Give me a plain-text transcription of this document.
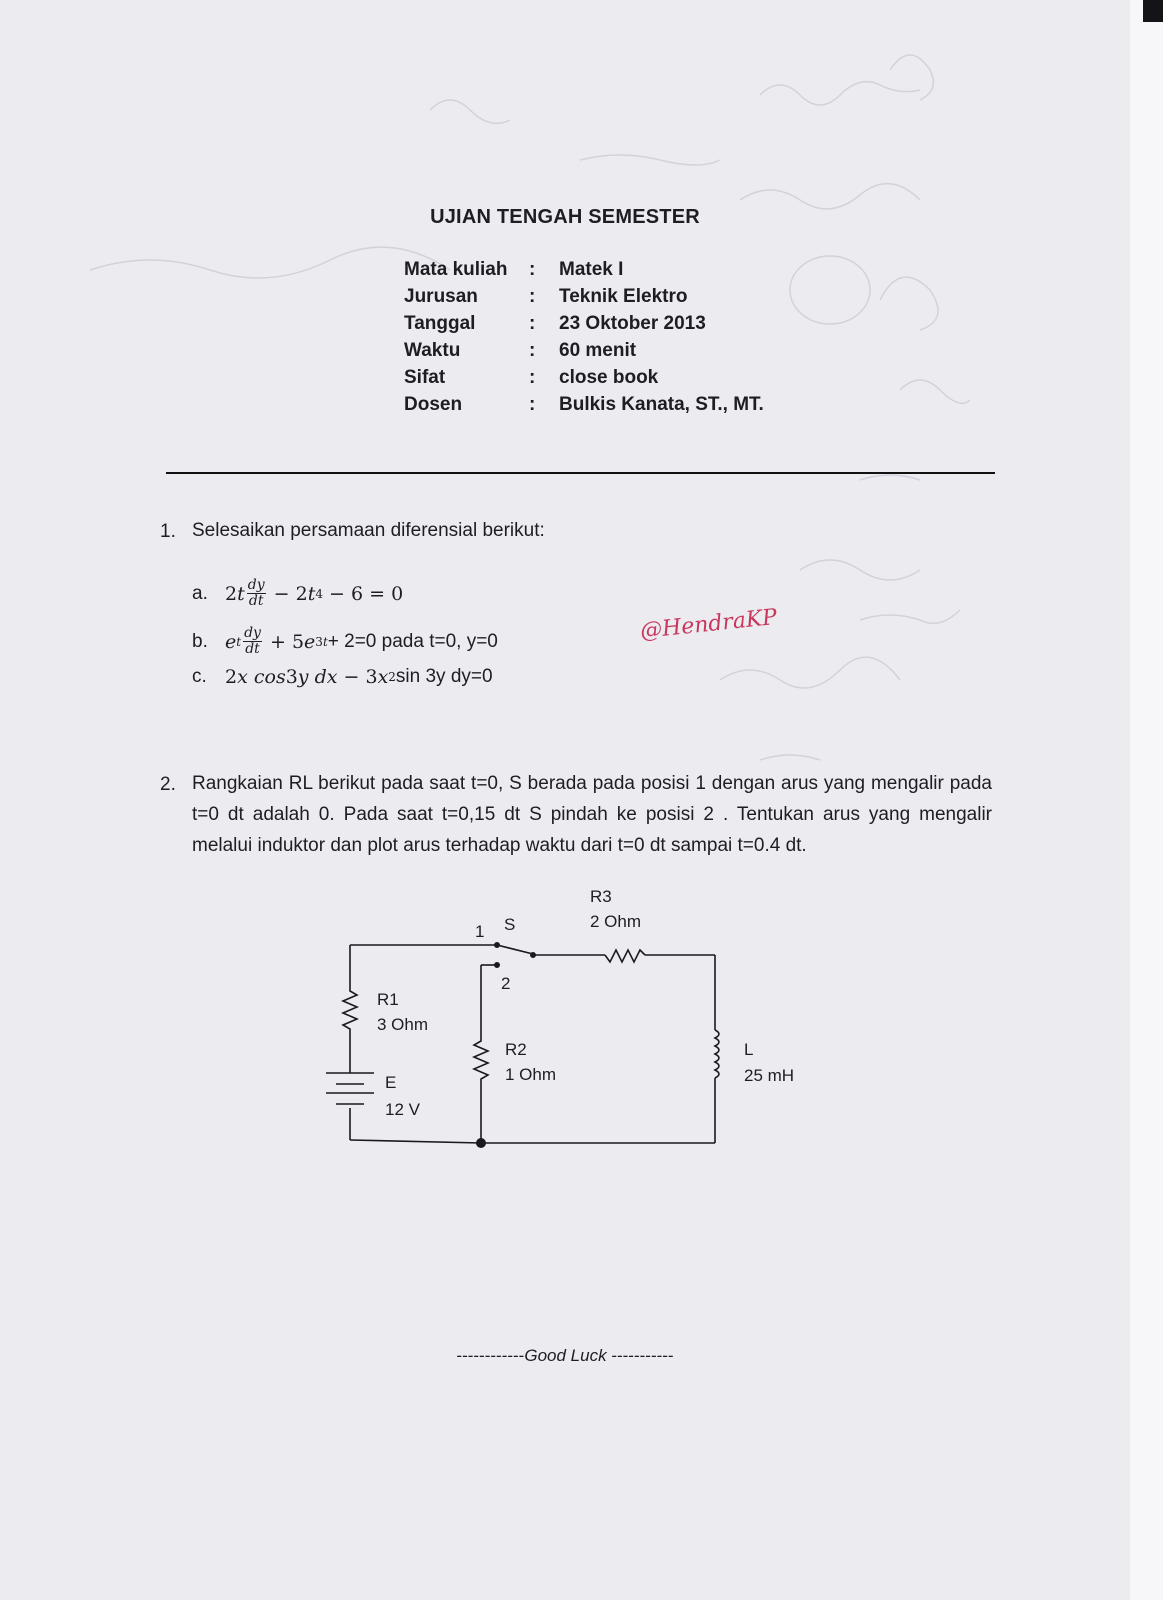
UJIAN TENGAH SEMESTER
Mata kuliah	:	Matek I
Jurusan	:	Teknik Elektro
Tanggal	:	23 Oktober 2013
Waktu	:	60 menit
Sifat	:	close book
Dosen	:	Bulkis Kanata, ST., MT.
1. Selesaikan persamaan diferensial berikut:
a. 2 t $\frac{dy}{dt} - 2$ t 4 − 6 = 0
b. e t $\frac{dy}{dt} + 5$ e 3t + 2=0 pada t=0, y=0
c. 2 x
cos 3 y
dx − 3 x 2 sin 3y dy=0
@HendraKP
2. Rangkaian RL berikut pada saat t=0, S berada pada posisi 1 dengan arus yang mengalir pada t=0 dt adalah 0. Pada saat t=0,15 dt S pindah ke posisi 2 . Tentukan arus yang mengalir melalui induktor dan plot arus terhadap waktu dari t=0 dt sampai t=0.4 dt.
R3
2 Ohm
1 S
2
R1
3 Ohm
R2
1 Ohm
E
12 V
L
25 mH
------------Good Luck -----------
